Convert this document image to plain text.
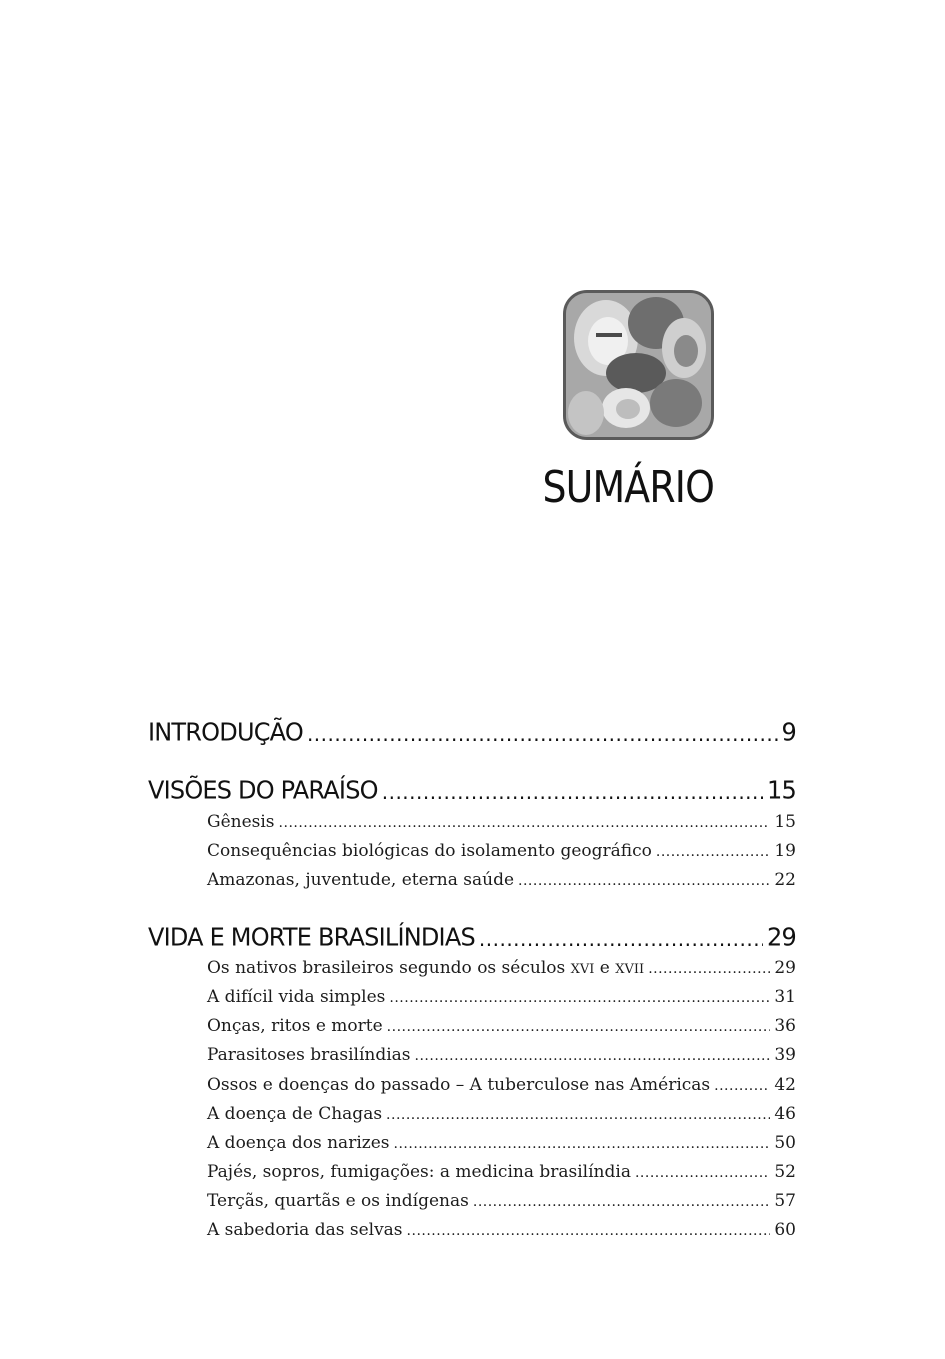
SUMÁRIO
INTRODUÇÃO .....	9
VISÕES DO PARAÍSO .....	15
Gênesis .....	15
Consequências biológicas do isolamento geográfico .....	19
Amazonas, juventude, eterna saúde .....	22
VIDA E MORTE BRASILÍNDIAS .....	29
Os nativos brasileiros segundo os séculos XVI e XVII .....	29
A difícil vida simples .....	31
Onças, ritos e morte .....	36
Parasitoses brasilíndias .....	39
Ossos e doenças do passado – A tuberculose nas Américas .....	42
A doença de Chagas .....	46
A doença dos narizes .....	50
Pajés, sopros, fumigações: a medicina brasilíndia .....	52
Terçãs, quartãs e os indígenas .....	57
A sabedoria das selvas .....	60
